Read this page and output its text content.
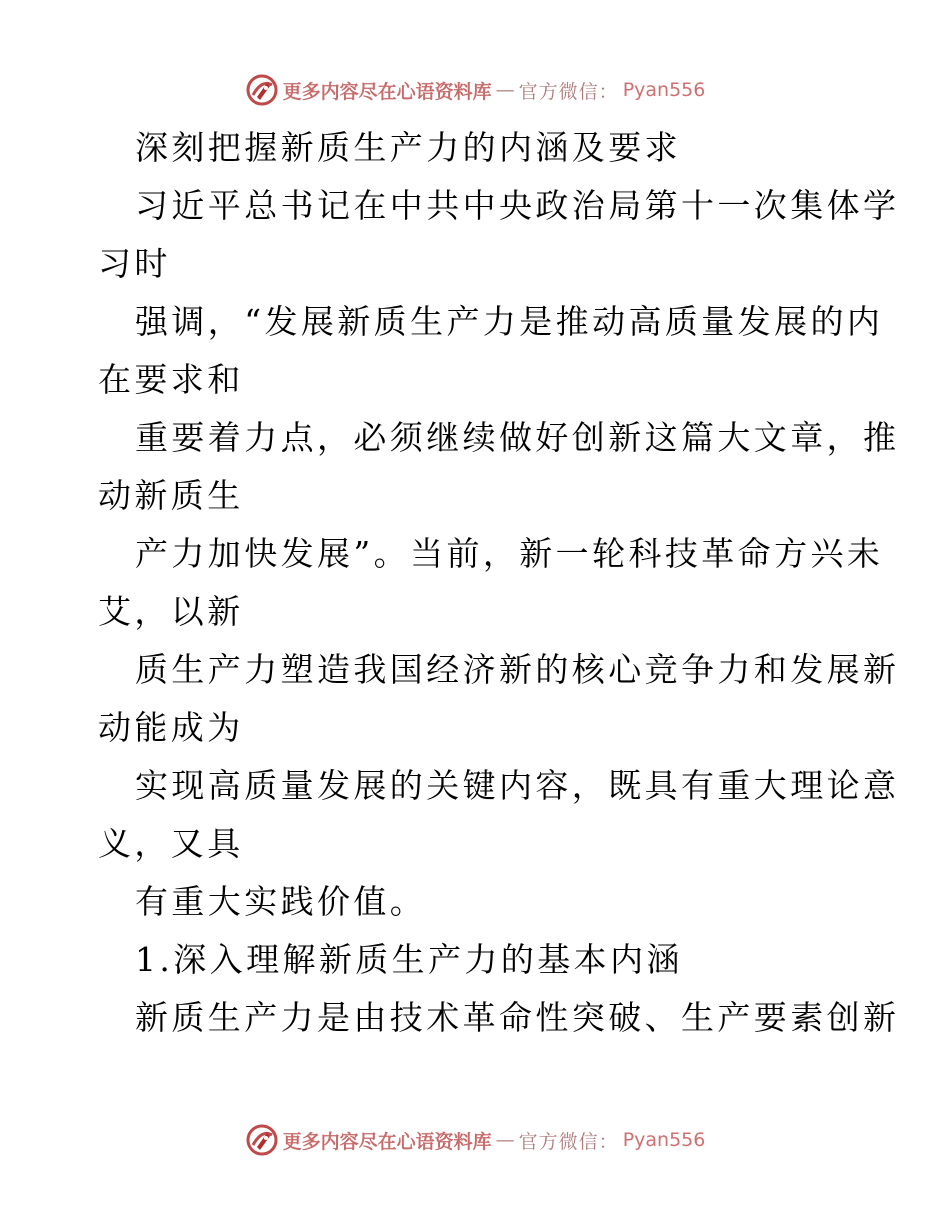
更多内容尽在心语资料库 — 官方微信： Pyan556
深刻把握新质生产力的内涵及要求
习近平总书记在中共中央政治局第十一次集体学
习时
强调，“发展新质生产力是推动高质量发展的内
在要求和
重要着力点，必须继续做好创新这篇大文章，推
动新质生
产力加快发展”。当前，新一轮科技革命方兴未
艾，以新
质生产力塑造我国经济新的核心竞争力和发展新
动能成为
实现高质量发展的关键内容，既具有重大理论意
义，又具
有重大实践价值。
1.深入理解新质生产力的基本内涵
新质生产力是由技术革命性突破、生产要素创新
更多内容尽在心语资料库 — 官方微信： Pyan556
